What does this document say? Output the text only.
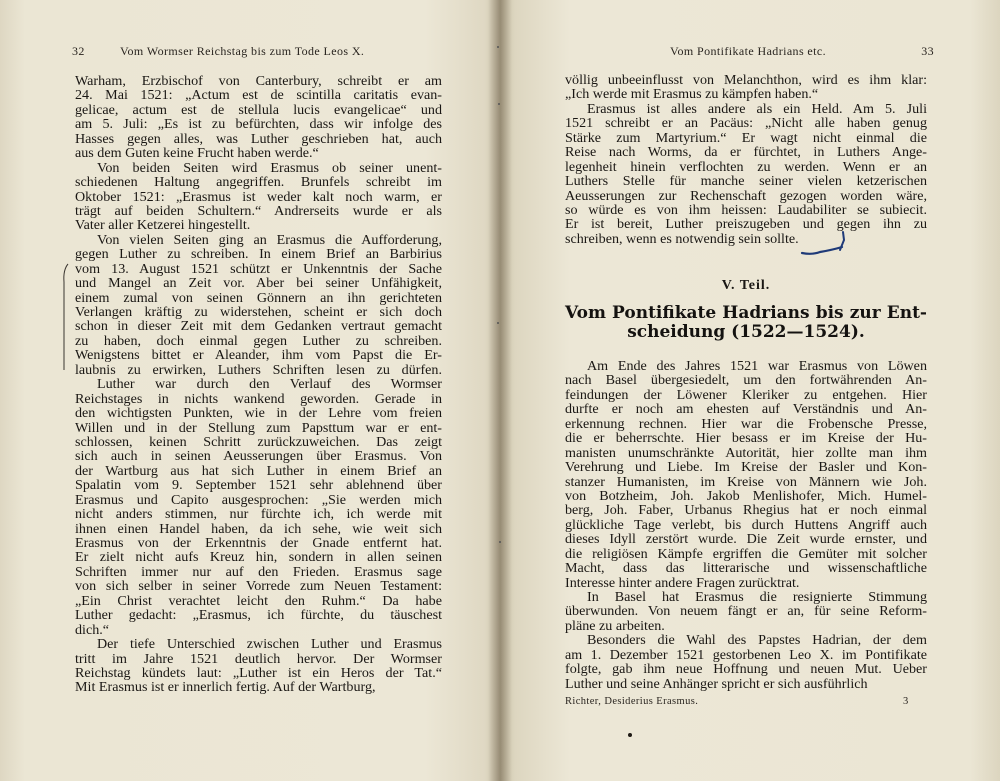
32	Vom Wormser Reichstag bis zum Tode Leos X.
Warham, Erzbischof von Canterbury, schreibt er am
24. Mai 1521: „Actum est de scintilla caritatis evan-
gelicae, actum est de stellula lucis evangelicae“ und
am 5. Juli: „Es ist zu befürchten, dass wir infolge des
Hasses gegen alles, was Luther geschrieben hat, auch
aus dem Guten keine Frucht haben werde.“
Von beiden Seiten wird Erasmus ob seiner unent-
schiedenen Haltung angegriffen. Brunfels schreibt im
Oktober 1521: „Erasmus ist weder kalt noch warm, er
trägt auf beiden Schultern.“ Andrerseits wurde er als
Vater aller Ketzerei hingestellt.
Von vielen Seiten ging an Erasmus die Aufforderung,
gegen Luther zu schreiben. In einem Brief an Barbirius
vom 13. August 1521 schützt er Unkenntnis der Sache
und Mangel an Zeit vor. Aber bei seiner Unfähigkeit,
einem zumal von seinen Gönnern an ihn gerichteten
Verlangen kräftig zu widerstehen, scheint er sich doch
schon in dieser Zeit mit dem Gedanken vertraut gemacht
zu haben, doch einmal gegen Luther zu schreiben.
Wenigstens bittet er Aleander, ihm vom Papst die Er-
laubnis zu erwirken, Luthers Schriften lesen zu dürfen.
Luther war durch den Verlauf des Wormser
Reichstages in nichts wankend geworden. Gerade in
den wichtigsten Punkten, wie in der Lehre vom freien
Willen und in der Stellung zum Papsttum war er ent-
schlossen, keinen Schritt zurückzuweichen. Das zeigt
sich auch in seinen Aeusserungen über Erasmus. Von
der Wartburg aus hat sich Luther in einem Brief an
Spalatin vom 9. September 1521 sehr ablehnend über
Erasmus und Capito ausgesprochen: „Sie werden mich
nicht anders stimmen, nur fürchte ich, ich werde mit
ihnen einen Handel haben, da ich sehe, wie weit sich
Erasmus von der Erkenntnis der Gnade entfernt hat.
Er zielt nicht aufs Kreuz hin, sondern in allen seinen
Schriften immer nur auf den Frieden. Erasmus sage
von sich selber in seiner Vorrede zum Neuen Testament:
„Ein Christ verachtet leicht den Ruhm.“ Da habe
Luther gedacht: „Erasmus, ich fürchte, du täuschest
dich.“
Der tiefe Unterschied zwischen Luther und Erasmus
tritt im Jahre 1521 deutlich hervor. Der Wormser
Reichstag kündets laut: „Luther ist ein Heros der Tat.“
Mit Erasmus ist er innerlich fertig. Auf der Wartburg,
Vom Pontifikate Hadrians etc.	33
völlig unbeeinflusst von Melanchthon, wird es ihm klar:
„Ich werde mit Erasmus zu kämpfen haben.“
Erasmus ist alles andere als ein Held. Am 5. Juli
1521 schreibt er an Pacäus: „Nicht alle haben genug
Stärke zum Martyrium.“ Er wagt nicht einmal die
Reise nach Worms, da er fürchtet, in Luthers Ange-
legenheit hinein verflochten zu werden. Wenn er an
Luthers Stelle für manche seiner vielen ketzerischen
Aeusserungen zur Rechenschaft gezogen worden wäre,
so würde es von ihm heissen: Laudabiliter se subiecit.
Er ist bereit, Luther preiszugeben und gegen ihn zu
schreiben, wenn es notwendig sein sollte.
V. Teil.
Vom Pontifikate Hadrians bis zur Ent-
scheidung (1522—1524).
Am Ende des Jahres 1521 war Erasmus von Löwen
nach Basel übergesiedelt, um den fortwährenden An-
feindungen der Löwener Kleriker zu entgehen. Hier
durfte er noch am ehesten auf Verständnis und An-
erkennung rechnen. Hier war die Frobensche Presse,
die er beherrschte. Hier besass er im Kreise der Hu-
manisten unumschränkte Autorität, hier zollte man ihm
Verehrung und Liebe. Im Kreise der Basler und Kon-
stanzer Humanisten, im Kreise von Männern wie Joh.
von Botzheim, Joh. Jakob Menlishofer, Mich. Humel-
berg, Joh. Faber, Urbanus Rhegius hat er noch einmal
glückliche Tage verlebt, bis durch Huttens Angriff auch
dieses Idyll zerstört wurde. Die Zeit wurde ernster, und
die religiösen Kämpfe ergriffen die Gemüter mit solcher
Macht, dass das litterarische und wissenschaftliche
Interesse hinter andere Fragen zurücktrat.
In Basel hat Erasmus die resignierte Stimmung
überwunden. Von neuem fängt er an, für seine Reform-
pläne zu arbeiten.
Besonders die Wahl des Papstes Hadrian, der dem
am 1. Dezember 1521 gestorbenen Leo X. im Pontifikate
folgte, gab ihm neue Hoffnung und neuen Mut. Ueber
Luther und seine Anhänger spricht er sich ausführlich
Richter, Desiderius Erasmus.	3
